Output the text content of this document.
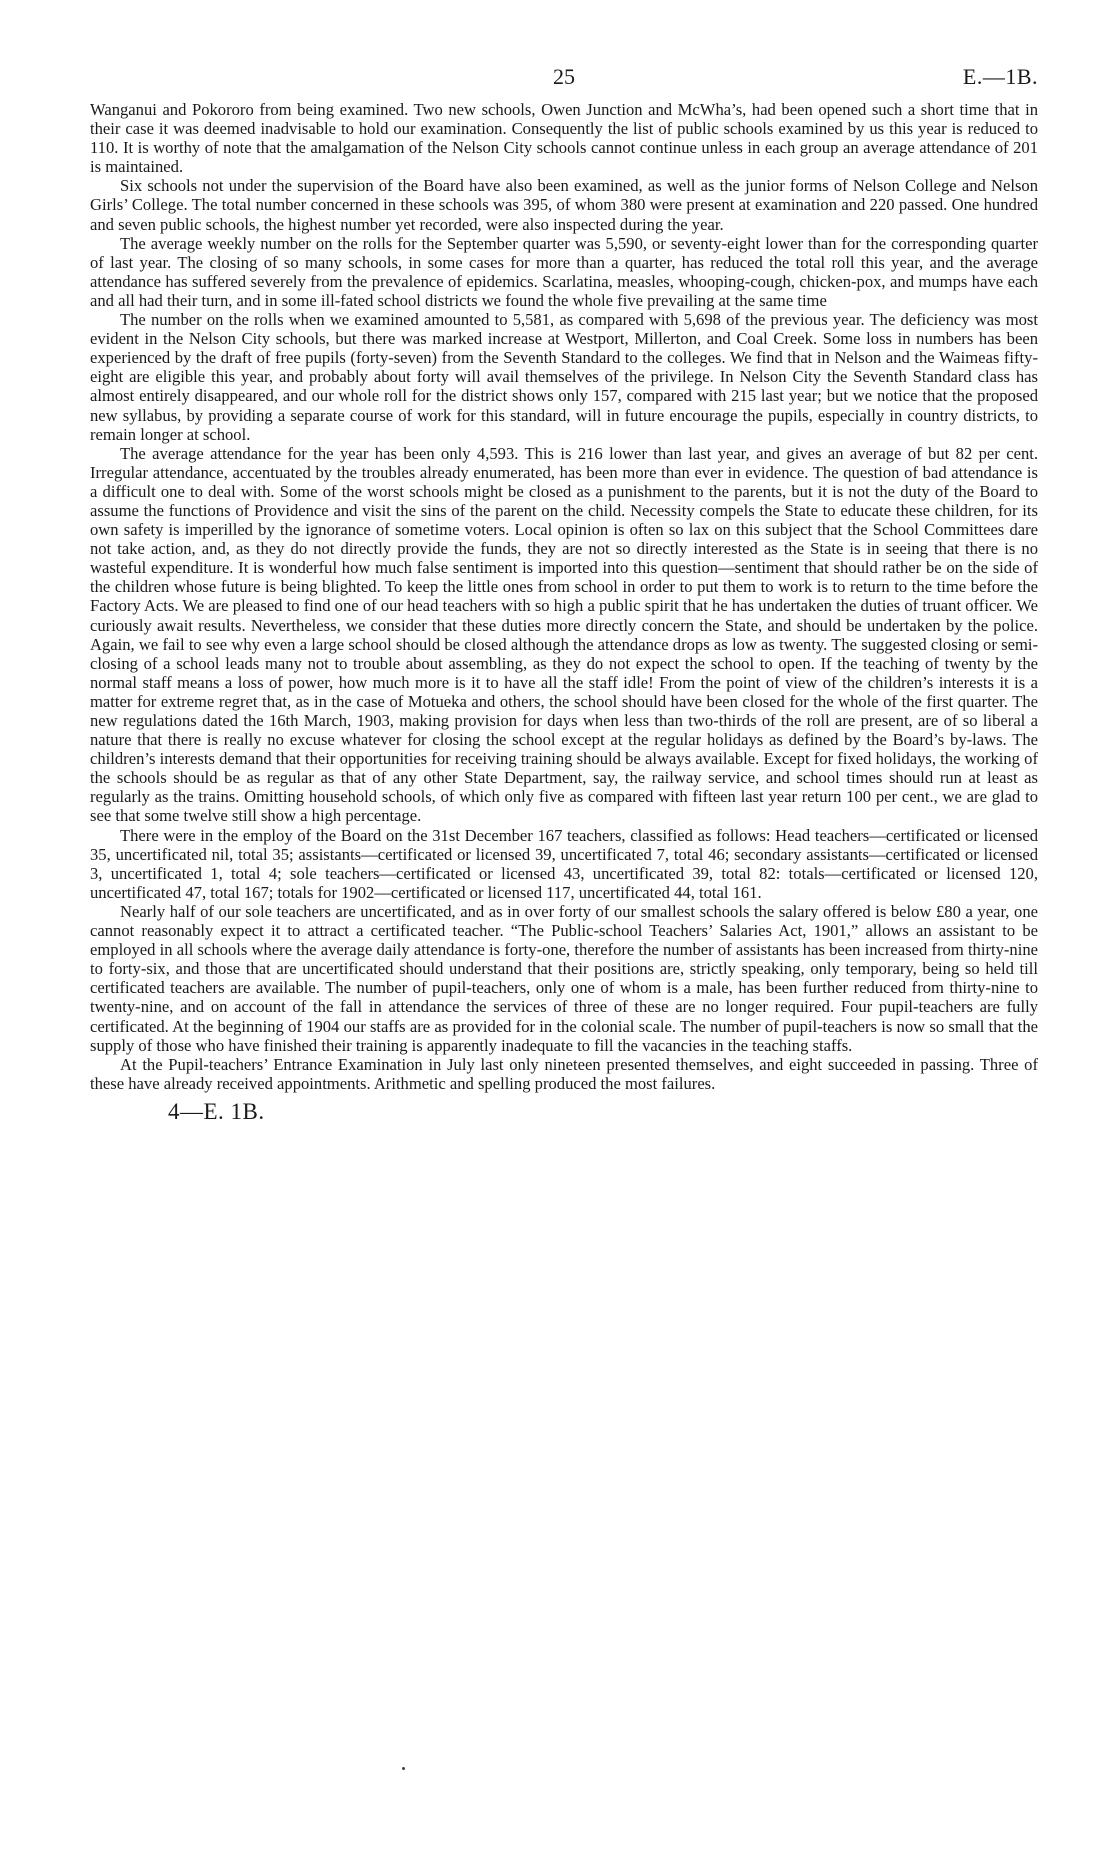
25	E.—1B.

Wanganui and Pokororo from being examined. Two new schools, Owen Junction and McWha’s, had been opened such a short time that in their case it was deemed inadvisable to hold our examination. Consequently the list of public schools examined by us this year is reduced to 110. It is worthy of note that the amalgamation of the Nelson City schools cannot continue unless in each group an average attendance of 201 is maintained.

Six schools not under the supervision of the Board have also been examined, as well as the junior forms of Nelson College and Nelson Girls’ College. The total number concerned in these schools was 395, of whom 380 were present at examination and 220 passed. One hundred and seven public schools, the highest number yet recorded, were also inspected during the year.

The average weekly number on the rolls for the September quarter was 5,590, or seventy-eight lower than for the corresponding quarter of last year. The closing of so many schools, in some cases for more than a quarter, has reduced the total roll this year, and the average attendance has suffered severely from the prevalence of epidemics. Scarlatina, measles, whooping-cough, chicken-pox, and mumps have each and all had their turn, and in some ill-fated school districts we found the whole five prevailing at the same time

The number on the rolls when we examined amounted to 5,581, as compared with 5,698 of the previous year. The deficiency was most evident in the Nelson City schools, but there was marked increase at Westport, Millerton, and Coal Creek. Some loss in numbers has been experienced by the draft of free pupils (forty-seven) from the Seventh Standard to the colleges. We find that in Nelson and the Waimeas fifty-eight are eligible this year, and probably about forty will avail themselves of the privilege. In Nelson City the Seventh Standard class has almost entirely disappeared, and our whole roll for the district shows only 157, compared with 215 last year; but we notice that the proposed new syllabus, by providing a separate course of work for this standard, will in future encourage the pupils, especially in country districts, to remain longer at school.

The average attendance for the year has been only 4,593. This is 216 lower than last year, and gives an average of but 82 per cent. Irregular attendance, accentuated by the troubles already enumerated, has been more than ever in evidence. The question of bad attendance is a difficult one to deal with. Some of the worst schools might be closed as a punishment to the parents, but it is not the duty of the Board to assume the functions of Providence and visit the sins of the parent on the child. Necessity compels the State to educate these children, for its own safety is imperilled by the ignorance of sometime voters. Local opinion is often so lax on this subject that the School Committees dare not take action, and, as they do not directly provide the funds, they are not so directly interested as the State is in seeing that there is no wasteful expenditure. It is wonderful how much false sentiment is imported into this question—sentiment that should rather be on the side of the children whose future is being blighted. To keep the little ones from school in order to put them to work is to return to the time before the Factory Acts. We are pleased to find one of our head teachers with so high a public spirit that he has undertaken the duties of truant officer. We curiously await results. Nevertheless, we consider that these duties more directly concern the State, and should be undertaken by the police. Again, we fail to see why even a large school should be closed although the attendance drops as low as twenty. The suggested closing or semi-closing of a school leads many not to trouble about assembling, as they do not expect the school to open. If the teaching of twenty by the normal staff means a loss of power, how much more is it to have all the staff idle! From the point of view of the children’s interests it is a matter for extreme regret that, as in the case of Motueka and others, the school should have been closed for the whole of the first quarter. The new regulations dated the 16th March, 1903, making provision for days when less than two-thirds of the roll are present, are of so liberal a nature that there is really no excuse whatever for closing the school except at the regular holidays as defined by the Board’s by-laws. The children’s interests demand that their opportunities for receiving training should be always available. Except for fixed holidays, the working of the schools should be as regular as that of any other State Department, say, the railway service, and school times should run at least as regularly as the trains. Omitting household schools, of which only five as compared with fifteen last year return 100 per cent., we are glad to see that some twelve still show a high percentage.

There were in the employ of the Board on the 31st December 167 teachers, classified as follows: Head teachers—certificated or licensed 35, uncertificated nil, total 35; assistants—certificated or licensed 39, uncertificated 7, total 46; secondary assistants—certificated or licensed 3, uncertificated 1, total 4; sole teachers—certificated or licensed 43, uncertificated 39, total 82: totals—certificated or licensed 120, uncertificated 47, total 167; totals for 1902—certificated or licensed 117, uncertificated 44, total 161.

Nearly half of our sole teachers are uncertificated, and as in over forty of our smallest schools the salary offered is below £80 a year, one cannot reasonably expect it to attract a certificated teacher. “The Public-school Teachers’ Salaries Act, 1901,” allows an assistant to be employed in all schools where the average daily attendance is forty-one, therefore the number of assistants has been increased from thirty-nine to forty-six, and those that are uncertificated should understand that their positions are, strictly speaking, only temporary, being so held till certificated teachers are available. The number of pupil-teachers, only one of whom is a male, has been further reduced from thirty-nine to twenty-nine, and on account of the fall in attendance the services of three of these are no longer required. Four pupil-teachers are fully certificated. At the beginning of 1904 our staffs are as provided for in the colonial scale. The number of pupil-teachers is now so small that the supply of those who have finished their training is apparently inadequate to fill the vacancies in the teaching staffs.

At the Pupil-teachers’ Entrance Examination in July last only nineteen presented themselves, and eight succeeded in passing. Three of these have already received appointments. Arithmetic and spelling produced the most failures.

4—E. 1B.
